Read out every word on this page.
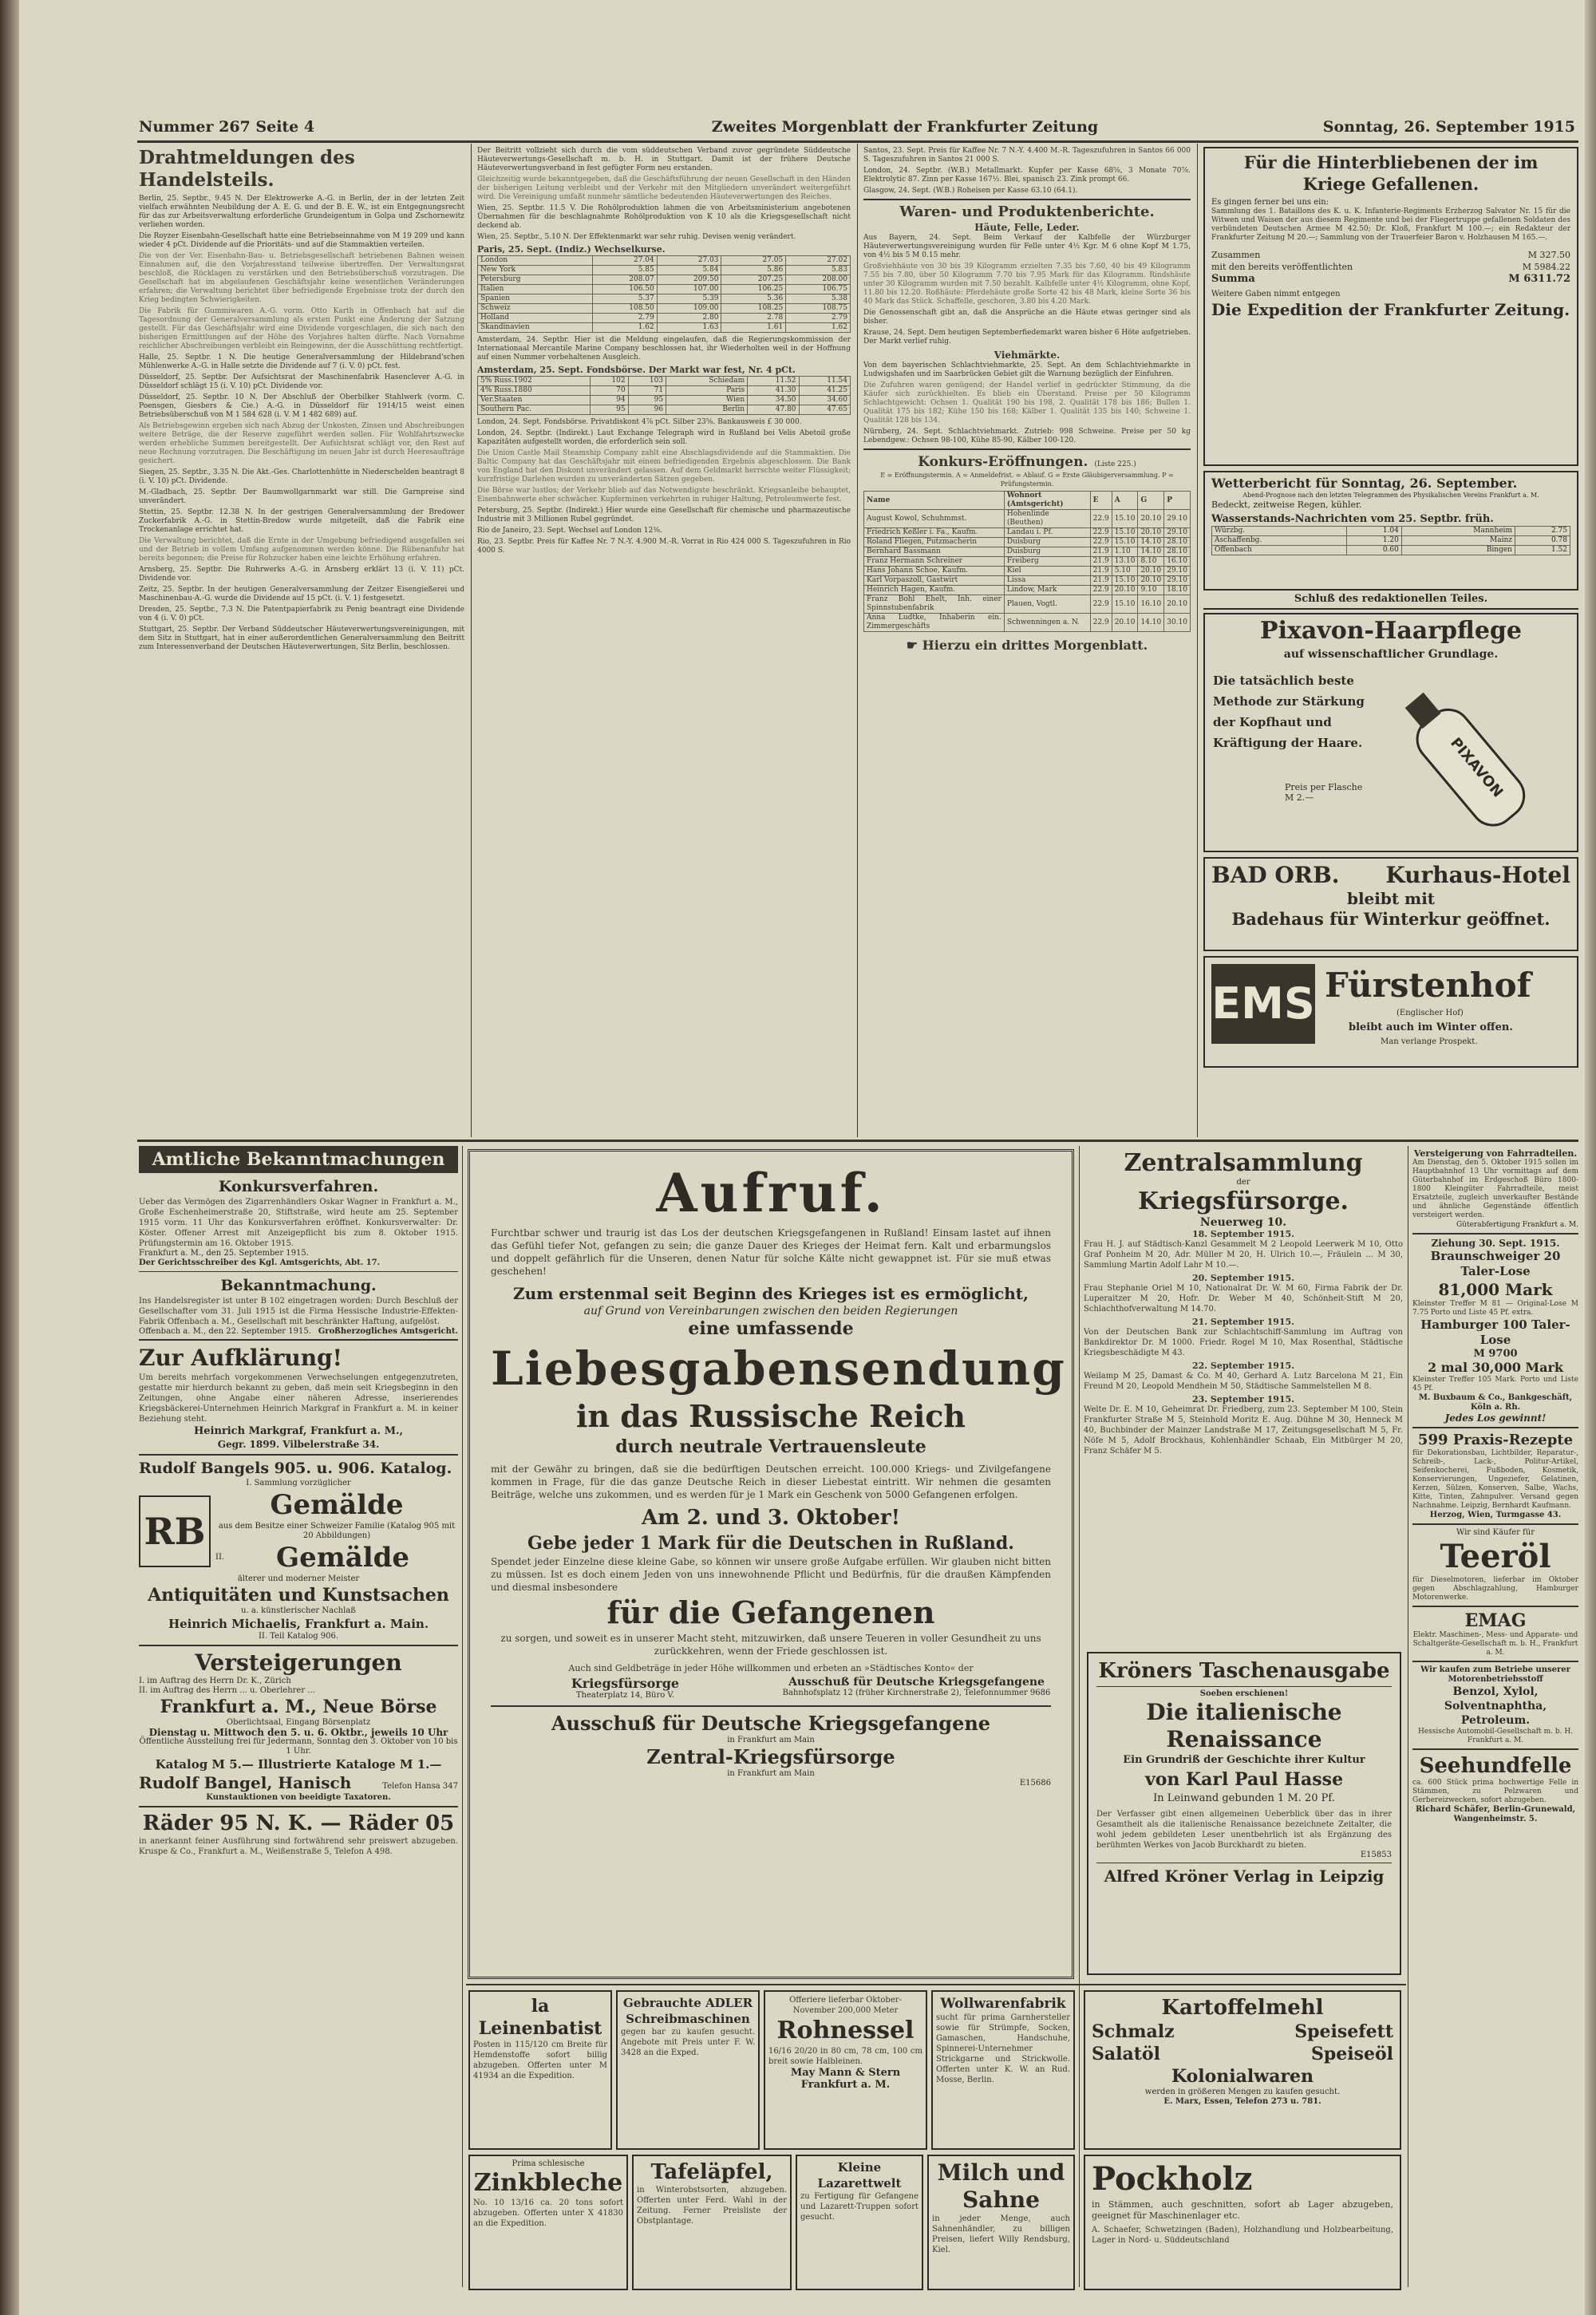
Nummer 267 Seite 4	Zweites Morgenblatt der Frankfurter Zeitung	Sonntag, 26. September 1915
Drahtmeldungen des Handelsteils.

Berlin, 25. Septbr., 9.45 N. Der Elektrowerke A.-G. in Berlin, der in der letzten Zeit vielfach erwähnten Neubildung der A. E. G. und der B. E. W., ist ein Entgegnungsrecht für das zur Arbeitsverwaltung erforderliche Grundeigentum in Golpa und Zschornewitz verliehen worden.

Die Royzer Eisenbahn-Gesellschaft hatte eine Betriebseinnahme von M 19 209 und kann wieder 4 pCt. Dividende auf die Prioritäts- und auf die Stammaktien verteilen.

Die von der Ver. Eisenbahn-Bau- u. Betriebsgesellschaft betriebenen Bahnen weisen Einnahmen auf, die den Vorjahresstand teilweise übertreffen. Der Verwaltungsrat beschloß, die Rücklagen zu verstärken und den Betriebsüberschuß vorzutragen. Die Gesellschaft hat im abgelaufenen Geschäftsjahr keine wesentlichen Veränderungen erfahren; die Verwaltung berichtet über befriedigende Ergebnisse trotz der durch den Krieg bedingten Schwierigkeiten.

Die Fabrik für Gummiwaren A.-G. vorm. Otto Karth in Offenbach hat auf die Tagesordnung der Generalversammlung als ersten Punkt eine Änderung der Satzung gestellt. Für das Geschäftsjahr wird eine Dividende vorgeschlagen, die sich nach den bisherigen Ermittlungen auf der Höhe des Vorjahres halten dürfte. Nach Vornahme reichlicher Abschreibungen verbleibt ein Reingewinn, der die Ausschüttung rechtfertigt.

Halle, 25. Septbr. 1 N. Die heutige Generalversammlung der Hildebrand'schen Mühlenwerke A.-G. in Halle setzte die Dividende auf 7 (i. V. 0) pCt. fest.

Düsseldorf, 25. Septbr. Der Aufsichtsrat der Maschinenfabrik Hasenclever A.-G. in Düsseldorf schlägt 15 (i. V. 10) pCt. Dividende vor.

Düsseldorf, 25. Septbr. 10 N. Der Abschluß der Oberbilker Stahlwerk (vorm. C. Poensgen, Giesbers & Cie.) A.-G. in Düsseldorf für 1914/15 weist einen Betriebsüberschuß von M 1 584 628 (i. V. M 1 482 689) auf.

Als Betriebsgewinn ergeben sich nach Abzug der Unkosten, Zinsen und Abschreibungen weitere Beträge, die der Reserve zugeführt werden sollen. Für Wohlfahrtszwecke werden erhebliche Summen bereitgestellt. Der Aufsichtsrat schlägt vor, den Rest auf neue Rechnung vorzutragen. Die Beschäftigung im neuen Jahr ist durch Heeresaufträge gesichert.

Siegen, 25. Septbr., 3.35 N. Die Akt.-Ges. Charlottenhütte in Niederschelden beantragt 8 (i. V. 10) pCt. Dividende.

M.-Gladbach, 25. Septbr. Der Baumwollgarnmarkt war still. Die Garnpreise sind unverändert.

Stettin, 25. Septbr. 12.38 N. In der gestrigen Generalversammlung der Bredower Zuckerfabrik A.-G. in Stettin-Bredow wurde mitgeteilt, daß die Fabrik eine Trockenanlage errichtet hat.

Die Verwaltung berichtet, daß die Ernte in der Umgebung befriedigend ausgefallen sei und der Betrieb in vollem Umfang aufgenommen werden könne. Die Rübenanfuhr hat bereits begonnen; die Preise für Rohzucker haben eine leichte Erhöhung erfahren.

Arnsberg, 25. Septbr. Die Ruhrwerks A.-G. in Arnsberg erklärt 13 (i. V. 11) pCt. Dividende vor.

Zeitz, 25. Septbr. In der heutigen Generalversammlung der Zeitzer Eisengießerei und Maschinenbau-A.-G. wurde die Dividende auf 15 pCt. (i. V. 1) festgesetzt.

Dresden, 25. Septbr., 7.3 N. Die Patentpapierfabrik zu Penig beantragt eine Dividende von 4 (i. V. 0) pCt.

Stuttgart, 25. Septbr. Der Verband Süddeutscher Häuteverwertungsvereinigungen, mit dem Sitz in Stuttgart, hat in einer außerordentlichen Generalversammlung den Beitritt zum Interessenverband der Deutschen Häuteverwertungen, Sitz Berlin, beschlossen.

Der Beitritt vollzieht sich durch die vom süddeutschen Verband zuvor gegründete Süddeutsche Häuteverwertungs-Gesellschaft m. b. H. in Stuttgart. Damit ist der frühere Deutsche Häuteverwertungsverband in fest gefügter Form neu erstanden.

Gleichzeitig wurde bekanntgegeben, daß die Geschäftsführung der neuen Gesellschaft in den Händen der bisherigen Leitung verbleibt und der Verkehr mit den Mitgliedern unverändert weitergeführt wird. Die Vereinigung umfaßt nunmehr sämtliche bedeutenden Häuteverwertungen des Reiches.

Wien, 25. Septbr. 11.5 V. Die Rohölproduktion lahmen die von Arbeitsministerium angebotenen Übernahmen für die beschlagnahmte Rohölproduktion von K 10 als die Kriegsgesellschaft nicht deckend ab.

Wien, 25. Septbr., 5.10 N. Der Effektenmarkt war sehr ruhig. Devisen wenig verändert.

Paris, 25. Sept. (Indiz.) Wechselkurse.
London	27.04	27.03	27.05	27.02
New York	5.85	5.84	5.86	5.83
Petersburg	208.07	209.50	207.25	208.00
Italien	106.50	107.00	106.25	106.75
Spanien	5.37	5.39	5.36	5.38
Schweiz	108.50	109.00	108.25	108.75
Holland	2.79	2.80	2.78	2.79
Skandinavien	1.62	1.63	1.61	1.62

Amsterdam, 24. Septbr. Hier ist die Meldung eingelaufen, daß die Regierungskommission der Internationaal Mercantile Marine Company beschlossen hat, ihr Wiederholten weil in der Hoffnung auf einen Nummer vorbehaltenen Ausgleich.

Amsterdam, 25. Sept. Fondsbörse. Der Markt war fest, Nr. 4 pCt.
5% Russ.1902	102	103	Schiedam	11.52	11.54
4% Russ.1880	70	71	Paris	41.30	41.25
Ver.Staaten	94	95	Wien	34.50	34.60
Southern Pac.	95	96	Berlin	47.80	47.65

London, 24. Sept. Fondsbörse. Privatdiskont 4⅞ pCt. Silber 23⅝. Bankausweis £ 30 000.

London, 24. Septbr. (Indirekt.) Laut Exchange Telegraph wird in Rußland bei Velis Abetoil große Kapazitäten aufgestellt worden, die erforderlich sein soll.

Die Union Castle Mail Steamship Company zahlt eine Abschlagsdividende auf die Stammaktien. Die Baltic Company hat das Geschäftsjahr mit einem befriedigenden Ergebnis abgeschlossen. Die Bank von England hat den Diskont unverändert gelassen. Auf dem Geldmarkt herrschte weiter Flüssigkeit; kurzfristige Darlehen wurden zu unveränderten Sätzen gegeben.

Die Börse war lustlos; der Verkehr blieb auf das Notwendigste beschränkt. Kriegsanleihe behauptet, Eisenbahnwerte eher schwächer. Kupferminen verkehrten in ruhiger Haltung, Petroleumwerte fest.

Petersburg, 25. Septbr. (Indirekt.) Hier wurde eine Gesellschaft für chemische und pharmazeutische Industrie mit 3 Millionen Rubel gegründet.

Rio de Janeiro, 23. Sept. Wechsel auf London 12⅜.

Rio, 23. Septbr. Preis für Kaffee Nr. 7 N.-Y. 4.900 M.-R. Vorrat in Rio 424 000 S. Tageszufuhren in Rio 4000 S.

Santos, 23. Sept. Preis für Kaffee Nr. 7 N.-Y. 4.400 M.-R. Tageszufuhren in Santos 66 000 S. Tageszufuhren in Santos 21 000 S.

London, 24. Septbr. (W.B.) Metallmarkt. Kupfer per Kasse 68⅝, 3 Monate 70⅞. Elektrolytic 87. Zinn per Kasse 167½. Blei, spanisch 23. Zink prompt 66.

Glasgow, 24. Sept. (W.B.) Roheisen per Kasse 63.10 (64.1).

Waren- und Produktenberichte.
Häute, Felle, Leder.

Aus Bayern, 24. Sept. Beim Verkauf der Kalbfelle der Würzburger Häuteverwertungsvereinigung wurden für Felle unter 4½ Kgr. M 6 ohne Kopf M 1.75, von 4½ bis 5 M 0.15 mehr.

Großviehhäute von 30 bis 39 Kilogramm erzielten 7.35 bis 7.60, 40 bis 49 Kilogramm 7.55 bis 7.80, über 50 Kilogramm 7.70 bis 7.95 Mark für das Kilogramm. Rindshäute unter 30 Kilogramm wurden mit 7.50 bezahlt. Kalbfelle unter 4½ Kilogramm, ohne Kopf, 11.80 bis 12.20. Roßhäute: Pferdehäute große Sorte 42 bis 48 Mark, kleine Sorte 36 bis 40 Mark das Stück. Schaffelle, geschoren, 3.80 bis 4.20 Mark.

Die Genossenschaft gibt an, daß die Ansprüche an die Häute etwas geringer sind als bisher.

Krause, 24. Sept. Dem heutigen Septemberfiedemarkt waren bisher 6 Höte aufgetrieben. Der Markt verlief ruhig.

Viehmärkte.

Von dem bayerischen Schlachtviehmarkte, 25. Sept. An dem Schlachtviehmarkte in Ludwigshafen und im Saarbrücken Gebiet gilt die Warnung bezüglich der Einfuhren.

Die Zufuhren waren genügend; der Handel verlief in gedrückter Stimmung, da die Käufer sich zurückhielten. Es blieb ein Überstand. Preise per 50 Kilogramm Schlachtgewicht: Ochsen 1. Qualität 190 bis 198, 2. Qualität 178 bis 186; Bullen 1. Qualität 175 bis 182; Kühe 150 bis 168; Kälber 1. Qualität 135 bis 140; Schweine 1. Qualität 128 bis 134.

Nürnberg, 24. Sept. Schlachtviehmarkt. Zutrieb: 998 Schweine. Preise per 50 kg Lebendgew.: Ochsen 98-100, Kühe 85-90, Kälber 100-120.

Konkurs-Eröffnungen. (Liste 225.)

E = Eröffnungstermin. A = Anmeldefrist. = Ablauf. G = Erste Gläubigerversammlung. P = Prüfungstermin.

Name	Wohnort (Amtsgericht)	E	A	G	P
August Kowol, Schuhmmst.	Hohenlinde (Beuthen)	22.9	15.10	20.10	29.10
Friedrich Keßler i. Fa., Kaufm.	Landau i. Pf.	22.9	15.10	20.10	29.10
Roland Fliegen, Putzmacherin	Duisburg	22.9	15.10	14.10	28.10
Bernhard Bassmann	Duisburg	21.9	1.10	14.10	28.10
Franz Hermann Schreiner	Freiberg	21.9	13.10	8.10	16.10
Hans Johann Schoe, Kaufm.	Kiel	21.9	5.10	20.10	29.10
Karl Vorpaszoll, Gastwirt	Lissa	21.9	15.10	20.10	29.10
Heinrich Hagen, Kaufm.	Lindow, Mark	22.9	20.10	9.10	18.10
Franz Bohl Ehelt, Inh. einer Spinnstubenfabrik	Plauen, Vogtl.	22.9	15.10	16.10	20.10
Anna Ludtke, Inhaberin ein. Zimmergeschäfts	Schwenningen a. N.	22.9	20.10	14.10	30.10
☛ Hierzu ein drittes Morgenblatt.
Für die Hinterbliebenen der im Kriege Gefallenen.
Es gingen ferner bei uns ein:
Sammlung des 1. Bataillons des K. u. K. Infanterie-Regiments Erzherzog Salvator Nr. 15 für die Witwen und Waisen der aus diesem Regimente und bei der Fliegertruppe gefallenen Soldaten des verbündeten Deutschen Armee M 42.50; Dr. Kloß, Frankfurt M 100.—; ein Redakteur der Frankfurter Zeitung M 20.—; Sammlung von der Trauerfeier Baron v. Holzhausen M 165.—.
Zusammen	M 327.50
mit den bereits veröffentlichten	M 5984.22
Summa	M 6311.72
Weitere Gaben nimmt entgegen
Die Expedition der Frankfurter Zeitung.
Wetterbericht für Sonntag, 26. September.
Abend-Prognose nach den letzten Telegrammen des Physikalischen Vereins Frankfurt a. M.
Bedeckt, zeitweise Regen, kühler.
Wasserstands-Nachrichten vom 25. Septbr. früh.
Würzbg.	1.04	Mannheim	2.75
Aschaffenbg.	1.20	Mainz	0.78
Offenbach	0.60	Bingen	1.52
Schluß des redaktionellen Teiles.
Pixavon-Haarpflege
auf wissenschaftlicher Grundlage.
Die tatsächlich beste Methode zur Stärkung der Kopfhaut und Kräftigung der Haare.
Preis per Flasche M 2.—	PIXAVON
BAD ORB. Kurhaus-Hotel
bleibt mit
Badehaus für Winterkur geöffnet.
EMS Fürstenhof
(Englischer Hof)
bleibt auch im Winter offen.
Man verlange Prospekt.
Amtliche Bekanntmachungen
Konkursverfahren.
Ueber das Vermögen des Zigarrenhändlers Oskar Wagner in Frankfurt a. M., Große Eschenheimerstraße 20, Stiftstraße, wird heute am 25. September 1915 vorm. 11 Uhr das Konkursverfahren eröffnet. Konkursverwalter: Dr. Köster. Offener Arrest mit Anzeigepflicht bis zum 8. Oktober 1915. Prüfungstermin am 16. Oktober 1915.
Frankfurt a. M., den 25. September 1915.
Der Gerichtsschreiber des Kgl. Amtsgerichts, Abt. 17.
Bekanntmachung.
Ins Handelsregister ist unter B 102 eingetragen worden: Durch Beschluß der Gesellschafter vom 31. Juli 1915 ist die Firma Hessische Industrie-Effekten-Fabrik Offenbach a. M., Gesellschaft mit beschränkter Haftung, aufgelöst.
Offenbach a. M., den 22. September 1915. Großherzogliches Amtsgericht.
Zur Aufklärung!
Um bereits mehrfach vorgekommenen Verwechselungen entgegenzutreten, gestatte mir hierdurch bekannt zu geben, daß mein seit Kriegsbeginn in den Zeitungen, ohne Angabe einer näheren Adresse, inserierendes Kriegsbäckerei-Unternehmen Heinrich Markgraf in Frankfurt a. M. in keiner Beziehung steht.
Heinrich Markgraf, Frankfurt a. M.,
Gegr. 1899. Vilbelerstraße 34.
Rudolf Bangels 905. u. 906. Katalog.
I. Sammlung vorzüglicher
RB
Gemälde
aus dem Besitze einer Schweizer Familie (Katalog 905 mit 20 Abbildungen)
II.	Gemälde
älterer und moderner Meister
Antiquitäten und Kunstsachen
u. a. künstlerischer Nachlaß
Heinrich Michaelis, Frankfurt a. Main.
II. Teil Katalog 906.
Versteigerungen
I. im Auftrag des Herrn Dr. K., Zürich
II. im Auftrag des Herrn ... u. Oberlehrer ...
Frankfurt a. M., Neue Börse
Oberlichtsaal, Eingang Börsenplatz
Dienstag u. Mittwoch den 5. u. 6. Oktbr., jeweils 10 Uhr
Öffentliche Ausstellung frei für Jedermann, Sonntag den 3. Oktober von 10 bis 1 Uhr.
Katalog M 5.— Illustrierte Kataloge M 1.—
Rudolf Bangel, Hanisch	Telefon Hansa 347
Kunstauktionen von beeidigte Taxatoren.
Räder 95 N. K. — Räder 05
in anerkannt feiner Ausführung sind fortwährend sehr preiswert abzugeben. Kruspe & Co., Frankfurt a. M., Weißenstraße 5, Telefon A 498.
Aufruf.
Furchtbar schwer und traurig ist das Los der deutschen Kriegsgefangenen in Rußland! Einsam lastet auf ihnen das Gefühl tiefer Not, gefangen zu sein; die ganze Dauer des Krieges der Heimat fern. Kalt und erbarmungslos und doppelt gefährlich für die Unseren, denen Natur für solche Kälte nicht gewappnet ist. Für sie muß etwas geschehen!
Zum erstenmal seit Beginn des Krieges ist es ermöglicht,
auf Grund von Vereinbarungen zwischen den beiden Regierungen
eine umfassende
Liebesgabensendung
in das Russische Reich
durch neutrale Vertrauensleute
mit der Gewähr zu bringen, daß sie die bedürftigen Deutschen erreicht. 100.000 Kriegs- und Zivilgefangene kommen in Frage, für die das ganze Deutsche Reich in dieser Liebestat eintritt. Wir nehmen die gesamten Beiträge, welche uns zukommen, und es werden für je 1 Mark ein Geschenk von 5000 Gefangenen erfolgen.
Am 2. und 3. Oktober!
Gebe jeder 1 Mark für die Deutschen in Rußland.
Spendet jeder Einzelne diese kleine Gabe, so können wir unsere große Aufgabe erfüllen. Wir glauben nicht bitten zu müssen. Ist es doch einem Jeden von uns innewohnende Pflicht und Bedürfnis, für die draußen Kämpfenden und diesmal insbesondere
für die Gefangenen
zu sorgen, und soweit es in unserer Macht steht, mitzuwirken, daß unsere Teueren in voller Gesundheit zu uns zurückkehren, wenn der Friede geschlossen ist.
Auch sind Geldbeträge in jeder Höhe willkommen und erbeten an »Städtisches Konto« der
Kriegsfürsorge
Theaterplatz 14, Büro V.
Ausschuß für Deutsche Kriegsgefangene
Bahnhofsplatz 12 (früher Kirchnerstraße 2), Telefonnummer 9686
Ausschuß für Deutsche Kriegsgefangene
in Frankfurt am Main
Zentral-Kriegsfürsorge
in Frankfurt am Main
E15686
Zentralsammlung
der
Kriegsfürsorge.
Neuerweg 10.
18. September 1915.

Frau H. J. auf Städtisch-Kanzl Gesammelt M 2 Leopold Leerwerk M 10, Otto Graf Ponheim M 20, Adr. Müller M 20, H. Ulrich 10.—, Fräulein ... M 30, Sammlung Martin Adolf Lahr M 10.—.

20. September 1915.

Frau Stephanie Oriel M 10, Nationalrat Dr. W. M 60, Firma Fabrik der Dr. Luperaitzer M 20, Hofr. Dr. Weber M 40, Schönheit-Stift M 20, Schlachthofverwaltung M 14.70.

21. September 1915.

Von der Deutschen Bank zur Schlachtschiff-Sammlung im Auftrag von Bankdirektor Dr. M 1000. Friedr. Rogel M 10, Max Rosenthal, Städtische Kriegsbeschädigte M 43.

22. September 1915.

Weilamp M 25, Damast & Co. M 40, Gerhard A. Lutz Barcelona M 21, Ein Freund M 20, Leopold Mendhein M 50, Städtische Sammelstellen M 8.

23. September 1915.

Welte Dr. E. M 10, Geheimrat Dr. Friedberg, zum 23. September M 100, Stein Frankfurter Straße M 5, Steinhold Moritz E. Aug. Dühne M 30, Henneck M 40, Buchbinder der Mainzer Landstraße M 17, Zeitungsgesellschaft M 5, Fr. Nöfe M 5, Adolf Brockhaus, Kohlenhändler Schaab, Ein Mitbürger M 20, Franz Schäfer M 5.

Kröners Taschenausgabe
Soeben erschienen!
Die italienische Renaissance
Ein Grundriß der Geschichte ihrer Kultur
von Karl Paul Hasse
In Leinwand gebunden 1 M. 20 Pf.
Der Verfasser gibt einen allgemeinen Ueberblick über das in ihrer Gesamtheit als die italienische Renaissance bezeichnete Zeitalter, die wohl jedem gebildeten Leser unentbehrlich ist als Ergänzung des berühmten Werkes von Jacob Burckhardt zu bieten.
E15853
Alfred Kröner Verlag in Leipzig
Versteigerung von Fahrradteilen.
Am Dienstag, den 5. Oktober 1915 sollen im Hauptbahnhof 13 Uhr vormittags auf dem Güterbahnhof im Erdgeschoß Büro 1800-1800 Kleingüter Fahrradteile, meist Ersatzteile, zugleich unverkaufter Bestände und ähnliche Gegenstände öffentlich versteigert werden.
Güterabfertigung Frankfurt a. M.
Ziehung 30. Sept. 1915.
Braunschweiger 20 Taler-Lose
81,000 Mark
Kleinster Treffer M 81 — Original-Lose M 7.75 Porto und Liste 45 Pf. extra.
Hamburger 100 Taler-Lose
M 9700
2 mal 30,000 Mark
Kleinster Treffer 105 Mark. Porto und Liste 45 Pf.
M. Buxbaum & Co., Bankgeschäft, Köln a. Rh.
Jedes Los gewinnt!
599 Praxis-Rezepte
für Dekorationsbau, Lichtbilder, Reparatur-, Schreib-, Lack-, Politur-Artikel, Seifenkocherei, Fußboden, Kosmetik, Konservierungen, Ungeziefer, Gelatinen, Kerzen, Sülzen, Konserven, Salbe, Wachs, Kitte, Tinten, Zahnpulver. Versand gegen Nachnahme. Leipzig, Bernhardt Kaufmann.
Herzog, Wien, Turmgasse 43.
Wir sind Käufer für
Teeröl
für Dieselmotoren, lieferbar im Oktober gegen Abschlagzahlung, Hamburger Motorenwerke.
EMAG
Elektr. Maschinen-, Mess- und Apparate- und Schaltgeräte-Gesellschaft m. b. H., Frankfurt a. M.
Wir kaufen zum Betriebe unserer Motorenbetriebsstoff
Benzol, Xylol, Solventnaphtha, Petroleum.
Hessische Automobil-Gesellschaft m. b. H. Frankfurt a. M.
Seehundfelle
ca. 600 Stück prima hochwertige Felle in Stämmen, zu Pelzwaren und Gerbereizwecken, sofort abzugeben.
Richard Schäfer, Berlin-Grunewald, Wangenheimstr. 5.
la Leinenbatist
Posten in 115/120 cm Breite für Hemdenstoffe sofort billig abzugeben. Offerten unter M 41934 an die Expedition.
Gebrauchte ADLER Schreibmaschinen
gegen bar zu kaufen gesucht. Angebote mit Preis unter F. W. 3428 an die Exped.
Offeriere lieferbar Oktober-November 200,000 Meter
Rohnessel
16/16 20/20 in 80 cm, 78 cm, 100 cm breit sowie Halbleinen.
May Mann & Stern Frankfurt a. M.
Wollwarenfabrik
sucht für prima Garnhersteller sowie für Strümpfe, Socken, Gamaschen, Handschuhe, Spinnerei-Unternehmer Strickgarne und Strickwolle. Offerten unter K. W. an Rud. Mosse, Berlin.
Kartoffelmehl
Schmalz	Speisefett
Salatöl	Speiseöl
Kolonialwaren
werden in größeren Mengen zu kaufen gesucht.
E. Marx, Essen, Telefon 273 u. 781.
Prima schlesische
Zinkbleche
No. 10 13/16 ca. 20 tons sofort abzugeben. Offerten unter X 41830 an die Expedition.
Tafeläpfel,
in Winterobstsorten, abzugeben. Offerten unter Ferd. Wahl in der Zeitung. Ferner Preisliste der Obstplantage.
Kleine Lazarettwelt
zu Fertigung für Gefangene und Lazarett-Truppen sofort gesucht.
Milch und Sahne
in jeder Menge, auch Sahnenhändler, zu billigen Preisen, liefert Willy Rendsburg, Kiel.
Pockholz
in Stämmen, auch geschnitten, sofort ab Lager abzugeben, geeignet für Maschinenlager etc.
A. Schaefer, Schwetzingen (Baden), Holzhandlung und Holzbearbeitung, Lager in Nord- u. Süddeutschland
